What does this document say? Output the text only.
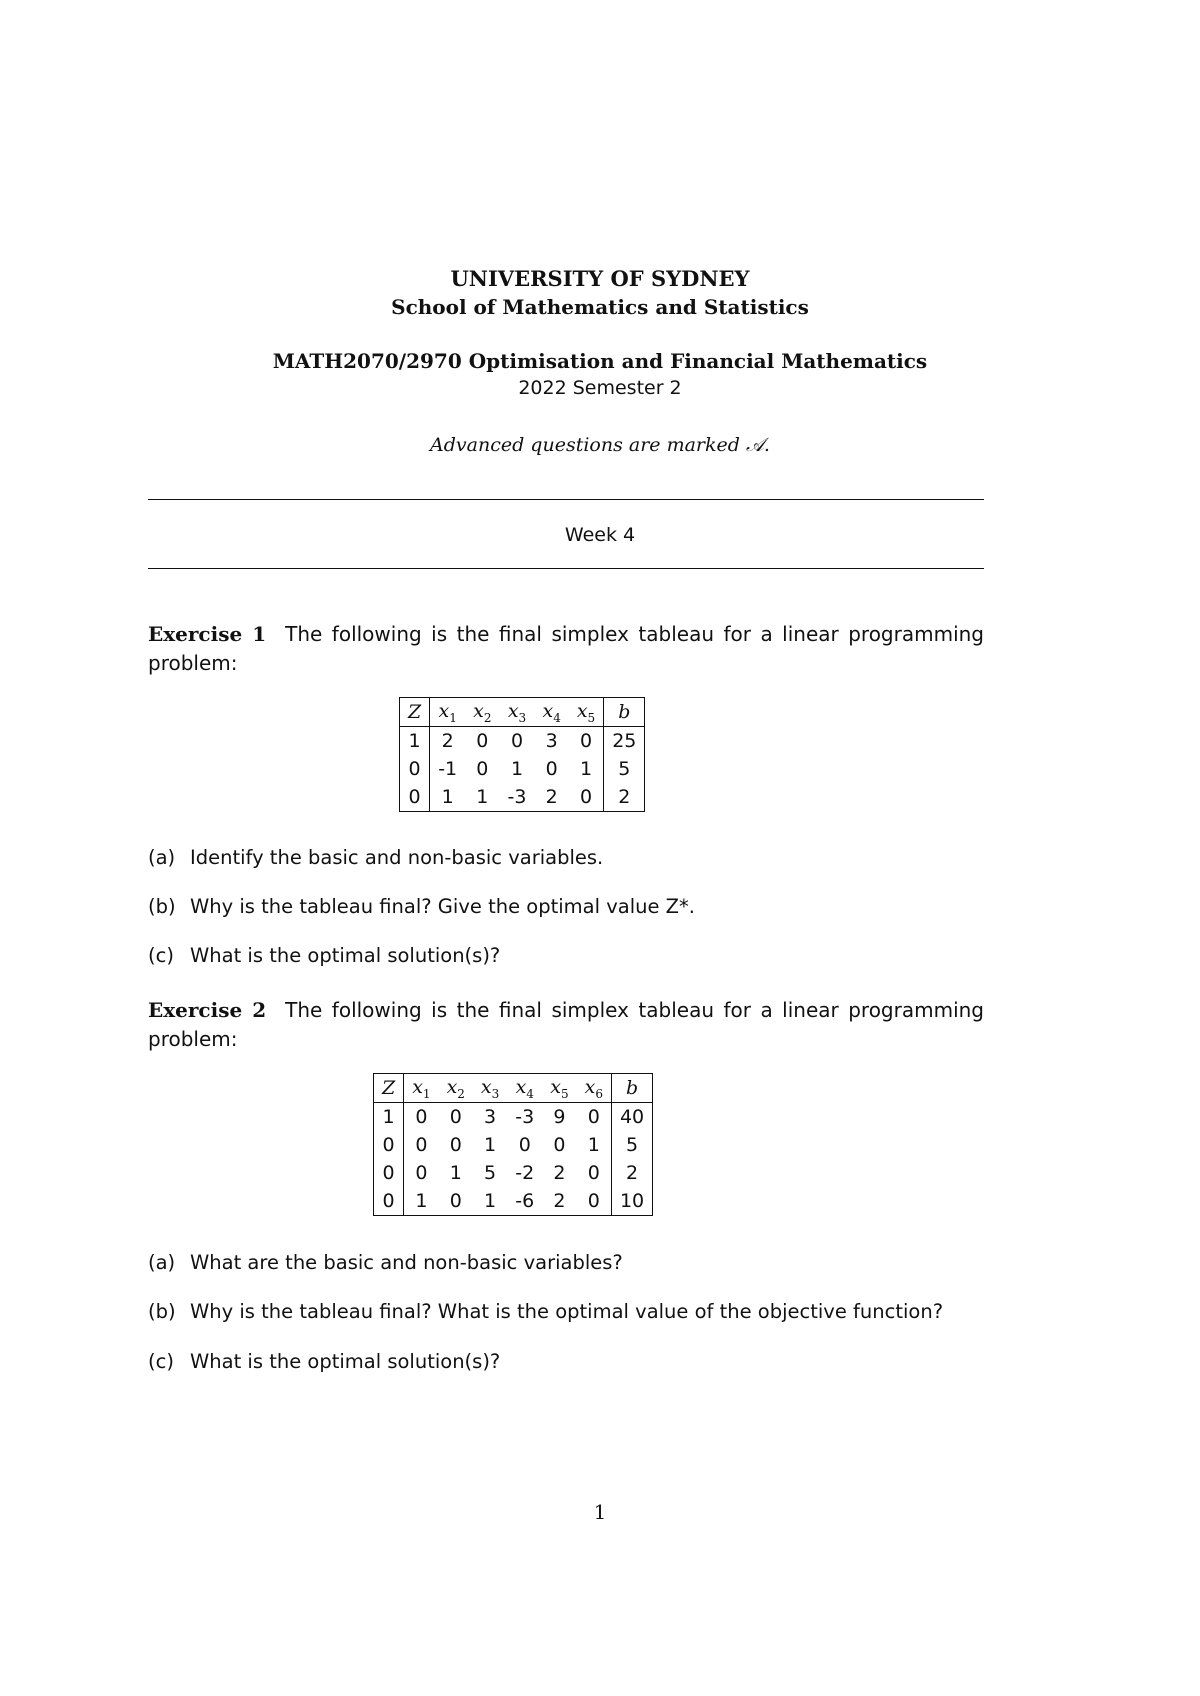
UNIVERSITY OF SYDNEY
School of Mathematics and Statistics
MATH2070/2970 Optimisation and Financial Mathematics
2022 Semester 2
Advanced questions are marked 𝒜.
Week 4
Exercise 1 The following is the final simplex tableau for a linear programming problem:
Z	$x_1$	$x_2$	$x_3$	$x_4$	$x_5$	b
1	2	0	0	3	0	25
0	-1	0	1	0	1	5
0	1	1	-3	2	0	2
(a) Identify the basic and non-basic variables.
(b) Why is the tableau final? Give the optimal value Z*.
(c) What is the optimal solution(s)?
Exercise 2 The following is the final simplex tableau for a linear programming problem:
Z	$x_1$	$x_2$	$x_3$	$x_4$	$x_5$	$x_6$	b
1	0	0	3	-3	9	0	40
0	0	0	1	0	0	1	5
0	0	1	5	-2	2	0	2
0	1	0	1	-6	2	0	10
(a) What are the basic and non-basic variables?
(b) Why is the tableau final? What is the optimal value of the objective function?
(c) What is the optimal solution(s)?
1
